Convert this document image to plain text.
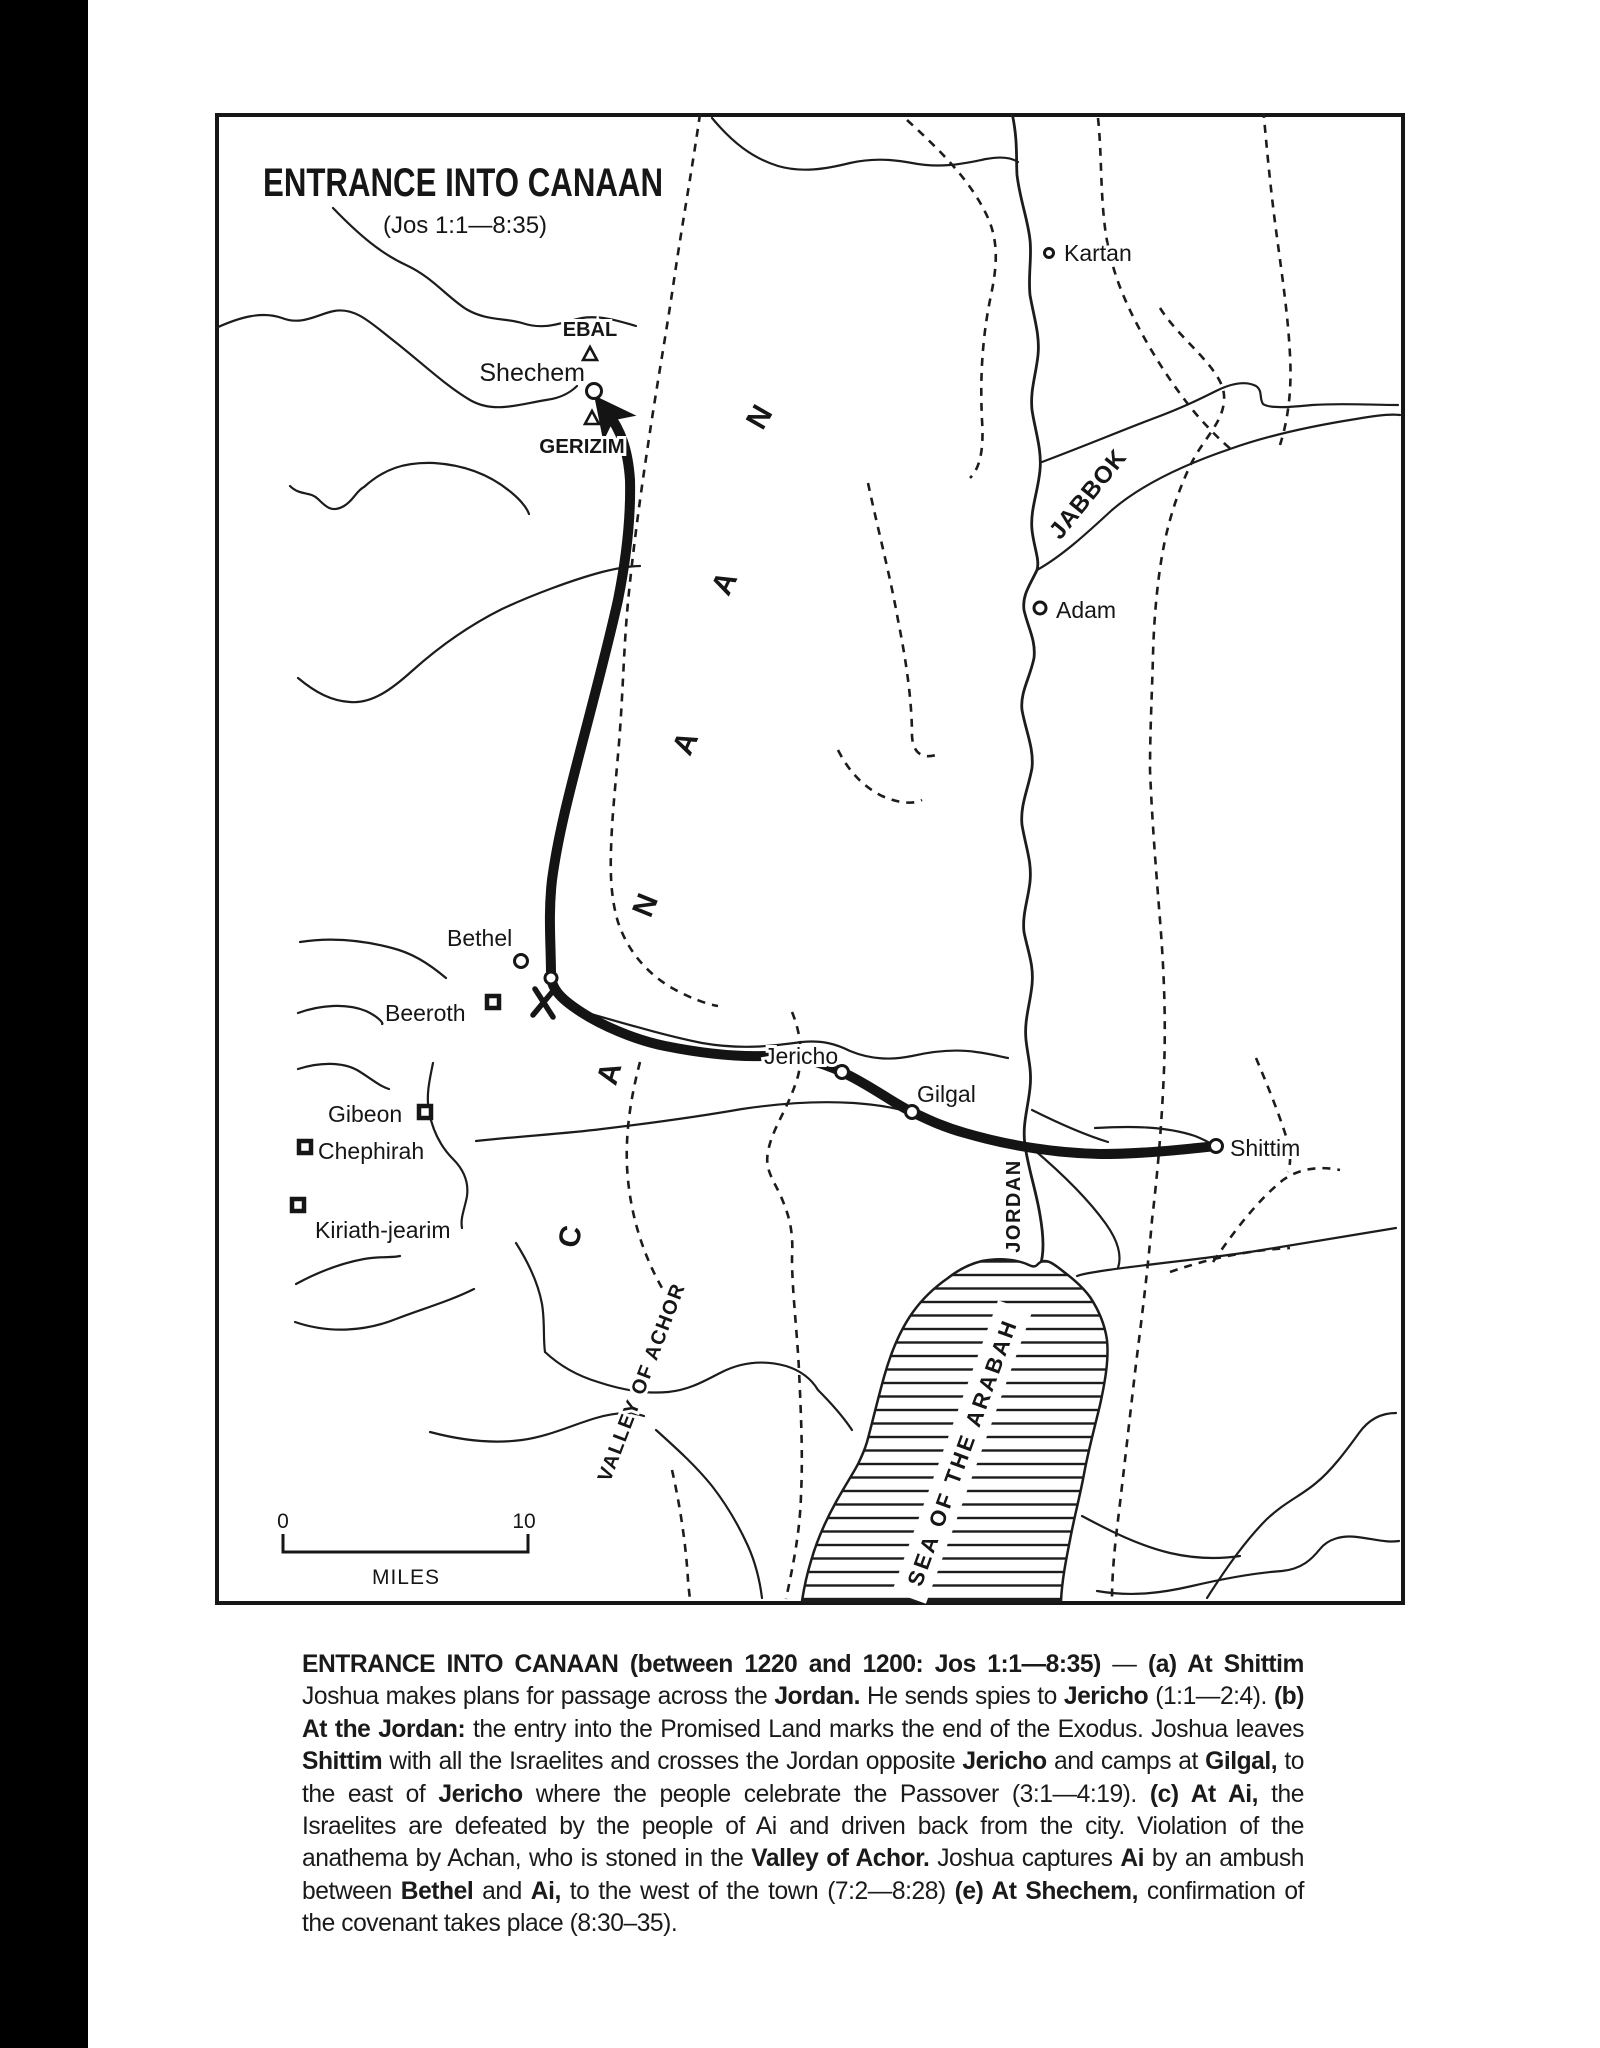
ENTRANCE INTO CANAAN
(Jos 1:1—8:35)
Kartan
EBAL
Shechem
GERIZIM	JABBOK
Adam
Bethel
Beeroth
Gibeon
Chephirah
Kiriath-jearim
Jericho
Gilgal
Shittim
JORDAN
SEA OF THE ARABAH
VALLEY OF ACHOR
C
A
N
A
A
N
0	10
MILES

ENTRANCE INTO CANAAN (between 1220 and 1200: Jos 1:1—8:35) — (a) At Shittim Joshua makes plans for passage across the Jordan. He sends spies to Jericho (1:1—2:4). (b) At the Jordan: the entry into the Promised Land marks the end of the Exodus. Joshua leaves Shittim with all the Israelites and crosses the Jordan opposite Jericho and camps at Gilgal, to the east of Jericho where the people celebrate the Passover (3:1—4:19). (c) At Ai, the Israelites are defeated by the people of Ai and driven back from the city. Violation of the anathema by Achan, who is stoned in the Valley of Achor. Joshua captures Ai by an ambush between Bethel and Ai, to the west of the town (7:2—8:28) (e) At Shechem, confirmation of the covenant takes place (8:30–35).
